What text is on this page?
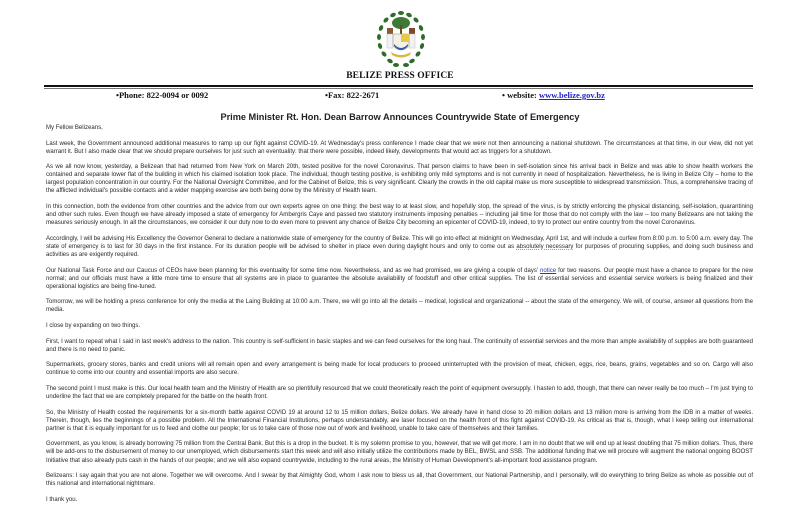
BELIZE PRESS OFFICE
•Phone: 822-0094 or 0092	•Fax: 822-2671	• website: www.belize.gov.bz
Prime Minister Rt. Hon. Dean Barrow Announces Countrywide State of Emergency

My Fellow Belizeans,

Last week, the Government announced additional measures to ramp up our fight against COVID-19. At Wednesday's press conference I made clear that we were not then announcing a national shutdown. The circumstances at that time, in our view, did not yet warrant it. But I also made clear that we should prepare ourselves for just such an eventuality: that there were possible, indeed likely, developments that would act as triggers for a shutdown.

As we all now know, yesterday, a Belizean that had returned from New York on March 20th, tested positive for the novel Coronavirus. That person claims to have been in self-isolation since his arrival back in Belize and was able to show health workers the contained and separate lower flat of the building in which his claimed isolation took place. The individual, though testing positive, is exhibiting only mild symptoms and is not currently in need of hospitalization. Nevertheless, he is living in Belize City – home to the largest population concentration in our country. For the National Oversight Committee, and for the Cabinet of Belize, this is very significant. Clearly the crowds in the old capital make us more susceptible to widespread transmission. Thus, a comprehensive tracing of the afflicted individual's possible contacts and a wider mapping exercise are both being done by the Ministry of Health team.

In this connection, both the evidence from other countries and the advice from our own experts agree on one thing: the best way to at least slow, and hopefully stop, the spread of the virus, is by strictly enforcing the physical distancing, self-isolation, quarantining and other such rules. Even though we have already imposed a state of emergency for Ambergris Caye and passed two statutory instruments imposing penalties -- including jail time for those that do not comply with the law -- too many Belizeans are not taking the measures seriously enough. In all the circumstances, we consider it our duty now to do even more to prevent any chance of Belize City becoming an epicenter of COVID-19, indeed, to try to protect our entire country from the novel Coronavirus.

Accordingly, I will be advising His Excellency the Governor General to declare a nationwide state of emergency for the country of Belize. This will go into effect at midnight on Wednesday, April 1st, and will include a curfew from 8:00 p.m. to 5:00 a.m. every day. The state of emergency is to last for 30 days in the first instance. For its duration people will be advised to shelter in place even during daylight hours and only to come out as absolutely necessary for purposes of procuring supplies, and doing such business and activities as are exigently required.

Our National Task Force and our Caucus of CEOs have been planning for this eventuality for some time now. Nevertheless, and as we had promised, we are giving a couple of days' notice for two reasons. Our people must have a chance to prepare for the new normal; and our officials must have a little more time to ensure that all systems are in place to guarantee the absolute availability of foodstuff and other critical supplies. The list of essential services and essential service workers is being finalized and their operational logistics are being fine-tuned.

Tomorrow, we will be holding a press conference for only the media at the Laing Building at 10:00 a.m. There, we will go into all the details -- medical, logistical and organizational -- about the state of the emergency. We will, of course, answer all questions from the media.

I close by expanding on two things.

First, I want to repeat what I said in last week's address to the nation. This country is self-sufficient in basic staples and we can feed ourselves for the long haul. The continuity of essential services and the more than ample availability of supplies are both guaranteed and there is no need to panic.

Supermarkets, grocery stores, banks and credit unions will all remain open and every arrangement is being made for local producers to proceed uninterrupted with the provision of meat, chicken, eggs, rice, beans, grains, vegetables and so on. Cargo will also continue to come into our country and essential imports are also secure.

The second point I must make is this. Our local health team and the Ministry of Health are so plentifully resourced that we could theoretically reach the point of equipment oversupply. I hasten to add, though, that there can never really be too much – I'm just trying to underline the fact that we are completely prepared for the battle on the health front.

So, the Ministry of Health costed the requirements for a six-month battle against COVID 19 at around 12 to 15 million dollars, Belize dollars. We already have in hand close to 20 million dollars and 13 million more is arriving from the IDB in a matter of weeks. Therein, though, lies the beginnings of a possible problem. All the International Financial Institutions, perhaps understandably, are laser focused on the health front of this fight against COVID-19. As critical as that is, though, what I keep telling our international partner is that it is equally important for us to feed and clothe our people; for us to take care of those now out of work and livelihood, unable to take care of themselves and their families.

Government, as you know, is already borrowing 75 million from the Central Bank. But this is a drop in the bucket. It is my solemn promise to you, however, that we will get more. I am in no doubt that we will end up at least doubling that 75 million dollars. Thus, there will be add-ons to the disbursement of money to our unemployed, which disbursements start this week and will also initially utilize the contributions made by BEL, BWSL and SSB. The additional funding that we will procure will augment the national ongoing BOOST Initiative that also already puts cash in the hands of our people; and we will also expand countrywide, including to the rural areas, the Ministry of Human Development's all-important food assistance program.

Belizeans: I say again that you are not alone. Together we will overcome. And I swear by that Almighty God, whom I ask now to bless us all, that Government, our National Partnership, and I personally, will do everything to bring Belize as whole as possible out of this national and international nightmare.

I thank you.
